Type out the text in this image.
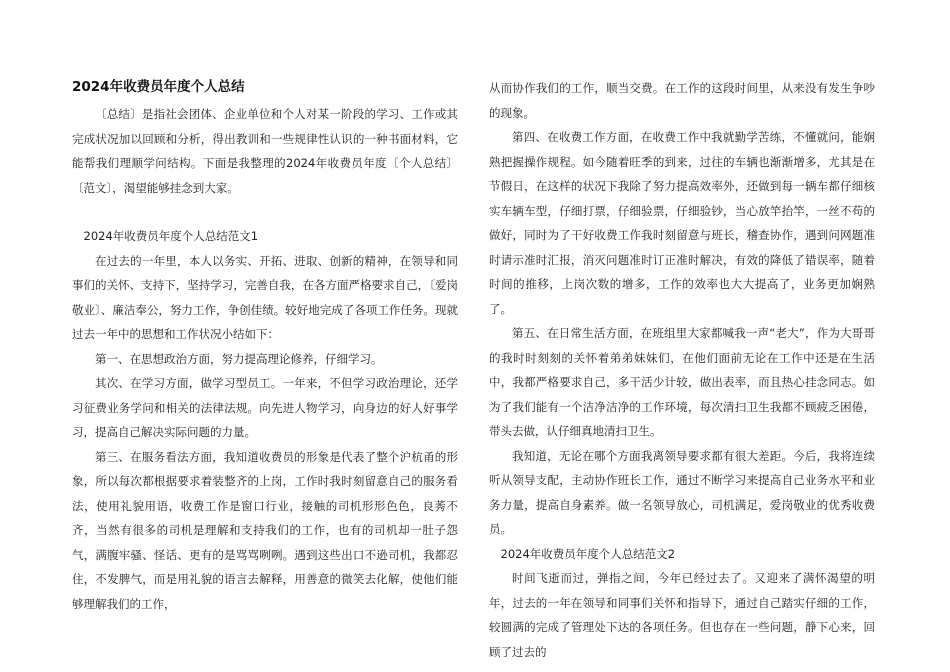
2024年收费员年度个人总结

〔总结〕是指社会团体、企业单位和个人对某一阶段的学习、工作或其完成状况加以回顾和分析，得出教训和一些规律性认识的一种书面材料，它能帮我们理顺学问结构。下面是我整理的2024年收费员年度〔个人总结〕〔范文〕，渴望能够挂念到大家。

2024年收费员年度个人总结范文1

在过去的一年里，本人以务实、开拓、进取、创新的精神，在领导和同事们的关怀、支持下，坚持学习，完善自我，在各方面严格要求自己，〔爱岗敬业〕、廉洁奉公，努力工作，争创佳绩。较好地完成了各项工作任务。现就过去一年中的思想和工作状况小结如下：

第一、在思想政治方面，努力提高理论修养，仔细学习。

其次、在学习方面，做学习型员工。一年来，不但学习政治理论，还学习征费业务学问和相关的法律法规。向先进人物学习，向身边的好人好事学习，提高自己解决实际问题的力量。

第三、在服务看法方面，我知道收费员的形象是代表了整个沪杭甬的形象，所以每次都根据要求着装整齐的上岗，工作时我时刻留意自己的服务看法，使用礼貌用语，收费工作是窗口行业，接触的司机形形色色，良莠不齐，当然有很多的司机是理解和支持我们的工作，也有的司机却一肚子怨气，满腹牢骚、怪话、更有的是骂骂咧咧。遇到这些出口不逊司机，我都忍住，不发脾气，而是用礼貌的语言去解释，用善意的微笑去化解，使他们能够理解我们的工作，

从而协作我们的工作，顺当交费。在工作的这段时间里，从来没有发生争吵的现象。

第四、在收费工作方面，在收费工作中我就勤学苦练，不懂就问，能娴熟把握操作规程。如今随着旺季的到来，过往的车辆也渐渐增多，尤其是在节假日，在这样的状况下我除了努力提高效率外，还做到每一辆车都仔细核实车辆车型，仔细打票，仔细验票，仔细验钞，当心放竿抬竿，一丝不苟的做好，同时为了干好收费工作我时刻留意与班长，稽查协作，遇到问网题准时请示准时汇报，消灭问题准时订正准时解决，有效的降低了错误率，随着时间的推移，上岗次数的增多，工作的效率也大大提高了，业务更加娴熟了。

第五、在日常生活方面，在班组里大家都喊我一声“老大”，作为大哥哥的我时时刻刻的关怀着弟弟妹妹们，在他们面前无论在工作中还是在生活中，我都严格要求自己，多干活少计较，做出表率，而且热心挂念同志。如为了我们能有一个洁净洁净的工作环境，每次清扫卫生我都不顾疲乏困倦，带头去做，认仔细真地清扫卫生。

我知道，无论在哪个方面我离领导要求都有很大差距。今后，我将连续听从领导支配，主动协作班长工作，通过不断学习来提高自己业务水平和业务力量，提高自身素养。做一名领导放心，司机满足，爱岗敬业的优秀收费员。

2024年收费员年度个人总结范文2

时间飞逝而过，弹指之间，今年已经过去了。又迎来了满怀渴望的明年，过去的一年在领导和同事们关怀和指导下，通过自己踏实仔细的工作，较圆满的完成了管理处下达的各项任务。但也存在一些问题，静下心来，回顾了过去的
